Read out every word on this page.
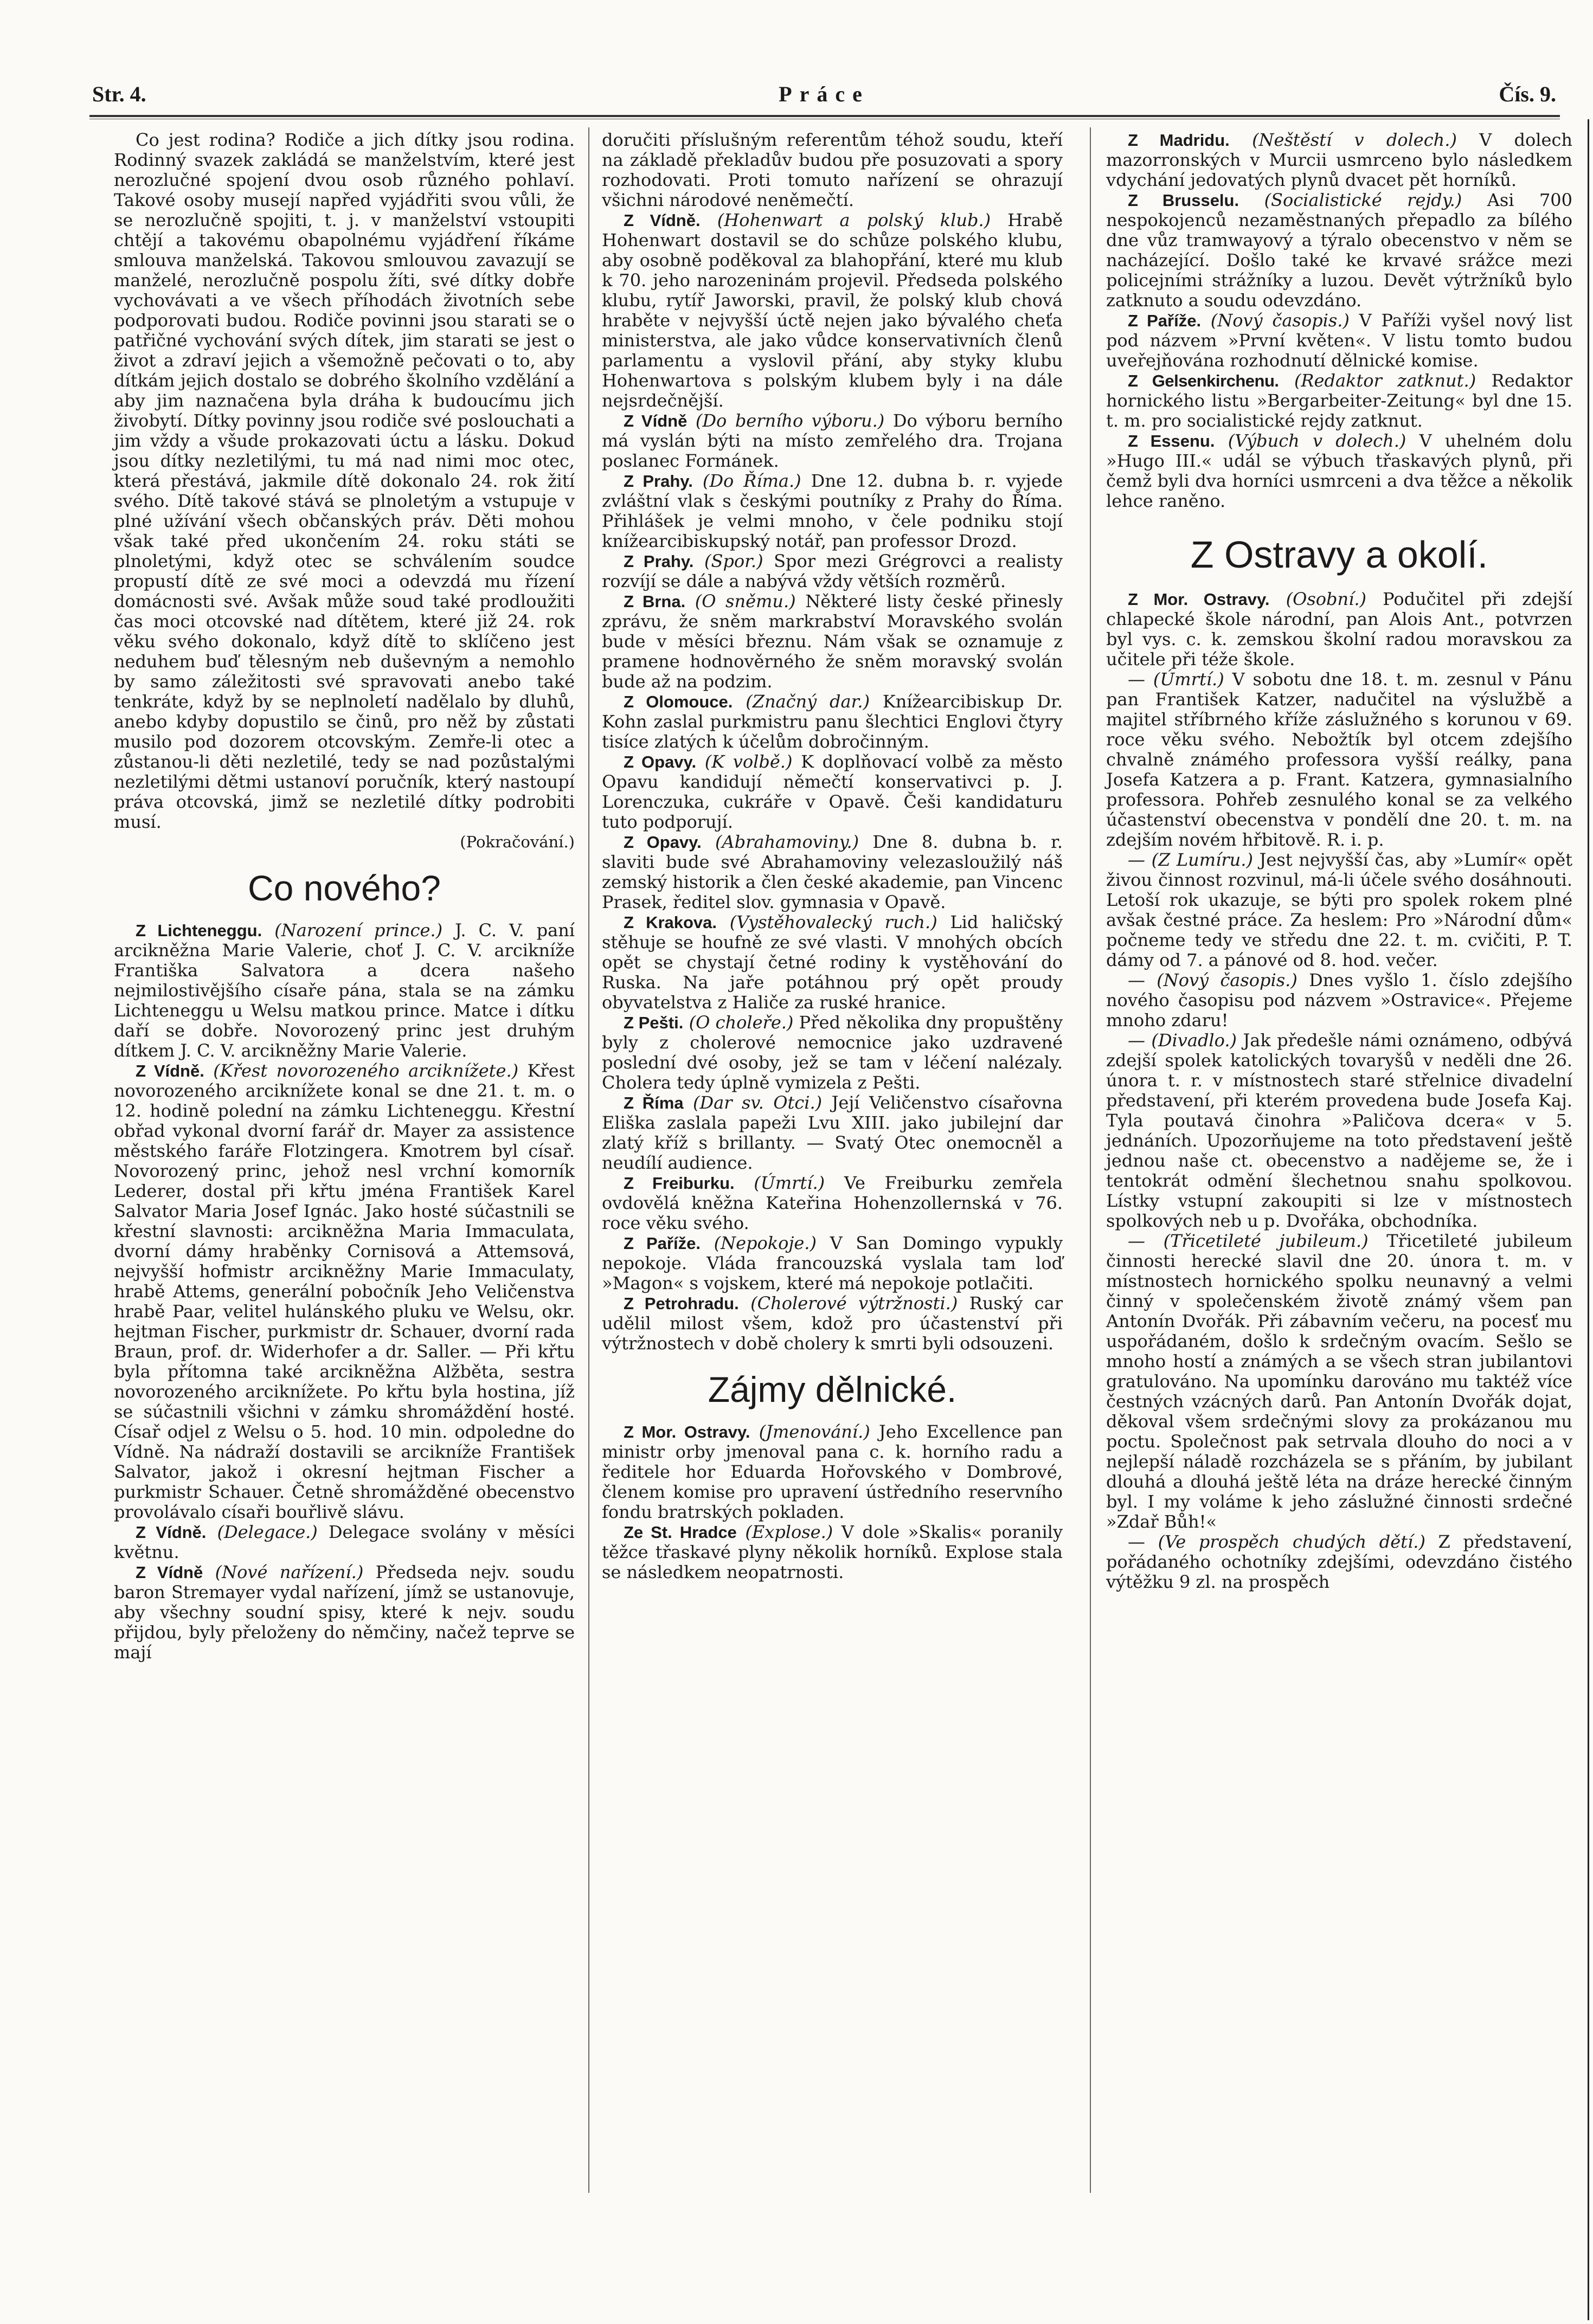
Str. 4.	Práce	Čís. 9.

Co jest rodina? Rodiče a jich dítky jsou rodina. Rodinný svazek zakládá se manželstvím, které jest nerozlučné spojení dvou osob různého pohlaví. Takové osoby musejí napřed vyjádřiti svou vůli, že se nerozlučně spojiti, t. j. v manželství vstoupiti chtějí a takovému obapolnému vyjádření říkáme smlouva manželská. Takovou smlouvou zavazují se manželé, nerozlučně pospolu žíti, své dítky dobře vychovávati a ve všech příhodách životních sebe podporovati budou. Rodiče povinni jsou starati se o patřičné vychování svých dítek, jim starati se jest o život a zdraví jejich a všemožně pečovati o to, aby dítkám jejich dostalo se dobrého školního vzdělání a aby jim naznačena byla dráha k budoucímu jich živobytí. Dítky povinny jsou rodiče své poslouchati a jim vždy a všude prokazovati úctu a lásku. Dokud jsou dítky nezletilými, tu má nad nimi moc otec, která přestává, jakmile dítě dokonalo 24. rok žití svého. Dítě takové stává se plnoletým a vstupuje v plné užívání všech občanských práv. Děti mohou však také před ukončením 24. roku státi se plnoletými, když otec se schválením soudce propustí dítě ze své moci a odevzdá mu řízení domácnosti své. Avšak může soud také prodloužiti čas moci otcovské nad dítětem, které již 24. rok věku svého dokonalo, když dítě to sklíčeno jest neduhem buď tělesným neb duševným a nemohlo by samo záležitosti své spravovati anebo také tenkráte, když by se neplnoletí nadělalo by dluhů, anebo kdyby dopustilo se činů, pro něž by zůstati musilo pod dozorem otcovským. Zemře-li otec a zůstanou-li děti nezletilé, tedy se nad pozůstalými nezletilými dětmi ustanoví poručník, který nastoupí práva otcovská, jimž se nezletilé dítky podrobiti musí.

(Pokračování.)

Co nového?

Z Lichteneggu. (Narození prince.) J. C. V. paní arcikněžna Marie Valerie, choť J. C. V. arcikníže Františka Salvatora a dcera našeho nejmilostivějšího císaře pána, stala se na zámku Lichteneggu u Welsu matkou prince. Matce i dítku daří se dobře. Novorozený princ jest druhým dítkem J. C. V. arcikněžny Marie Valerie.

Z Vídně. (Křest novorozeného arciknížete.) Křest novorozeného arciknížete konal se dne 21. t. m. o 12. hodině polední na zámku Lichteneggu. Křestní obřad vykonal dvorní farář dr. Mayer za assistence městského faráře Flotzingera. Kmotrem byl císař. Novorozený princ, jehož nesl vrchní komorník Lederer, dostal při křtu jména František Karel Salvator Maria Josef Ignác. Jako hosté súčastnili se křestní slavnosti: arcikněžna Maria Immaculata, dvorní dámy hraběnky Cornisová a Attemsová, nejvyšší hofmistr arcikněžny Marie Immaculaty, hrabě Attems, generální pobočník Jeho Veličenstva hrabě Paar, velitel hulánského pluku ve Welsu, okr. hejtman Fischer, purkmistr dr. Schauer, dvorní rada Braun, prof. dr. Widerhofer a dr. Saller. — Při křtu byla přítomna také arcikněžna Alžběta, sestra novorozeného arciknížete. Po křtu byla hostina, jíž se súčastnili všichni v zámku shromáždění hosté. Císař odjel z Welsu o 5. hod. 10 min. odpoledne do Vídně. Na nádraží dostavili se arcikníže František Salvator, jakož i okresní hejtman Fischer a purkmistr Schauer. Četně shromážděné obecenstvo provolávalo císaři bouřlivě slávu.

Z Vídně. (Delegace.) Delegace svolány v měsíci květnu.

Z Vídně (Nové nařízení.) Předseda nejv. soudu baron Stremayer vydal nařízení, jímž se ustanovuje, aby všechny soudní spisy, které k nejv. soudu přijdou, byly přeloženy do němčiny, načež teprve se mají

doručiti příslušným referentům téhož soudu, kteří na základě překladův budou pře posuzovati a spory rozhodovati. Proti tomuto nařízení se ohrazují všichni národové neněmečtí.

Z Vídně. (Hohenwart a polský klub.) Hrabě Hohenwart dostavil se do schůze polského klubu, aby osobně poděkoval za blahopřání, které mu klub k 70. jeho narozeninám projevil. Předseda polského klubu, rytíř Jaworski, pravil, že polský klub chová hraběte v nejvyšší úctě nejen jako bývalého cheťa ministerstva, ale jako vůdce konservativních členů parlamentu a vyslovil přání, aby styky klubu Hohenwartova s polským klubem byly i na dále nejsrdečnější.

Z Vídně (Do berního výboru.) Do výboru berního má vyslán býti na místo zemřelého dra. Trojana poslanec Formánek.

Z Prahy. (Do Říma.) Dne 12. dubna b. r. vyjede zvláštní vlak s českými poutníky z Prahy do Říma. Přihlášek je velmi mnoho, v čele podniku stojí knížearcibiskupský notář, pan professor Drozd.

Z Prahy. (Spor.) Spor mezi Grégrovci a realisty rozvíjí se dále a nabývá vždy větších rozměrů.

Z Brna. (O sněmu.) Některé listy české přinesly zprávu, že sněm markrabství Moravského svolán bude v měsíci březnu. Nám však se oznamuje z pramene hodnověrného že sněm moravský svolán bude až na podzim.

Z Olomouce. (Značný dar.) Knížearcibiskup Dr. Kohn zaslal purkmistru panu šlechtici Englovi čtyry tisíce zlatých k účelům dobročinným.

Z Opavy. (K volbě.) K doplňovací volbě za město Opavu kandidují němečtí konservativci p. J. Lorenczuka, cukráře v Opavě. Češi kandidaturu tuto podporují.

Z Opavy. (Abrahamoviny.) Dne 8. dubna b. r. slaviti bude své Abrahamoviny velezasloužilý náš zemský historik a člen české akademie, pan Vincenc Prasek, ředitel slov. gymnasia v Opavě.

Z Krakova. (Vystěhovalecký ruch.) Lid haličský stěhuje se houfně ze své vlasti. V mnohých obcích opět se chystají četné rodiny k vystěhování do Ruska. Na jaře potáhnou prý opět proudy obyvatelstva z Haliče za ruské hranice.

Z Pešti. (O choleře.) Před několika dny propuštěny byly z cholerové nemocnice jako uzdravené poslední dvé osoby, jež se tam v léčení nalézaly. Cholera tedy úplně vymizela z Pešti.

Z Říma (Dar sv. Otci.) Její Veličenstvo císařovna Eliška zaslala papeži Lvu XIII. jako jubilejní dar zlatý kříž s brillanty. — Svatý Otec onemocněl a neudílí audience.

Z Freiburku. (Úmrtí.) Ve Freiburku zemřela ovdovělá kněžna Kateřina Hohenzollernská v 76. roce věku svého.

Z Paříže. (Nepokoje.) V San Domingo vypukly nepokoje. Vláda francouzská vyslala tam loď »Magon« s vojskem, které má nepokoje potlačiti.

Z Petrohradu. (Cholerové výtržnosti.) Ruský car udělil milost všem, kdož pro účastenství při výtržnostech v době cholery k smrti byli odsouzeni.

Zájmy dělnické.

Z Mor. Ostravy. (Jmenování.) Jeho Excellence pan ministr orby jmenoval pana c. k. horního radu a ředitele hor Eduarda Hořovského v Dombrové, členem komise pro upravení ústředního reservního fondu bratrských pokladen.

Ze St. Hradce (Explose.) V dole »Skalis« poranily těžce třaskavé plyny několik horníků. Explose stala se následkem neopatrnosti.

Z Madridu. (Neštěstí v dolech.) V dolech mazorronských v Murcii usmrceno bylo následkem vdychání jedovatých plynů dvacet pět horníků.

Z Brusselu. (Socialistické rejdy.) Asi 700 nespokojenců nezaměstnaných přepadlo za bílého dne vůz tramwayový a týralo obecenstvo v něm se nacházející. Došlo také ke krvavé srážce mezi policejními strážníky a luzou. Devět výtržníků bylo zatknuto a soudu odevzdáno.

Z Paříže. (Nový časopis.) V Paříži vyšel nový list pod názvem »První květen«. V listu tomto budou uveřejňována rozhodnutí dělnické komise.

Z Gelsenkirchenu. (Redaktor zatknut.) Redaktor hornického listu »Bergarbeiter-Zeitung« byl dne 15. t. m. pro socialistické rejdy zatknut.

Z Essenu. (Výbuch v dolech.) V uhelném dolu »Hugo III.« udál se výbuch třaskavých plynů, při čemž byli dva horníci usmrceni a dva těžce a několik lehce raněno.

Z Ostravy a okolí.

Z Mor. Ostravy. (Osobní.) Podučitel při zdejší chlapecké škole národní, pan Alois Ant., potvrzen byl vys. c. k. zemskou školní radou moravskou za učitele při téže škole.

— (Úmrtí.) V sobotu dne 18. t. m. zesnul v Pánu pan František Katzer, nadučitel na výslužbě a majitel stříbrného kříže záslužného s korunou v 69. roce věku svého. Nebožtík byl otcem zdejšího chvalně známého professora vyšší reálky, pana Josefa Katzera a p. Frant. Katzera, gymnasialního professora. Pohřeb zesnulého konal se za velkého účastenství obecenstva v pondělí dne 20. t. m. na zdejším novém hřbitově. R. i. p.

— (Z Lumíru.) Jest nejvyšší čas, aby »Lumír« opět živou činnost rozvinul, má-li účele svého dosáhnouti. Letoší rok ukazuje, se býti pro spolek rokem plné avšak čestné práce. Za heslem: Pro »Národní dům« počneme tedy ve středu dne 22. t. m. cvičiti, P. T. dámy od 7. a pánové od 8. hod. večer.

— (Nový časopis.) Dnes vyšlo 1. číslo zdejšího nového časopisu pod názvem »Ostravice«. Přejeme mnoho zdaru!

— (Divadlo.) Jak předešle námi oznámeno, odbývá zdejší spolek katolických tovaryšů v neděli dne 26. února t. r. v místnostech staré střelnice divadelní představení, při kterém provedena bude Josefa Kaj. Tyla poutavá činohra »Paličova dcera« v 5. jednáních. Upozorňujeme na toto představení ještě jednou naše ct. obecenstvo a nadějeme se, že i tentokrát odmění šlechetnou snahu spolkovou. Lístky vstupní zakoupiti si lze v místnostech spolkových neb u p. Dvořáka, obchodníka.

— (Třicetileté jubileum.) Třicetileté jubileum činnosti herecké slavil dne 20. února t. m. v místnostech hornického spolku neunavný a velmi činný v společenském životě známý všem pan Antonín Dvořák. Při zábavním večeru, na pocesť mu uspořádaném, došlo k srdečným ovacím. Sešlo se mnoho hostí a známých a se všech stran jubilantovi gratulováno. Na upomínku darováno mu taktéž více čestných vzácných darů. Pan Antonín Dvořák dojat, děkoval všem srdečnými slovy za prokázanou mu poctu. Společnost pak setrvala dlouho do noci a v nejlepší náladě rozcházela se s přáním, by jubilant dlouhá a dlouhá ještě léta na dráze herecké činným byl. I my voláme k jeho záslužné činnosti srdečné »Zdař Bůh!«

— (Ve prospěch chudých dětí.) Z představení, pořádaného ochotníky zdejšími, odevzdáno čistého výtěžku 9 zl. na prospěch
